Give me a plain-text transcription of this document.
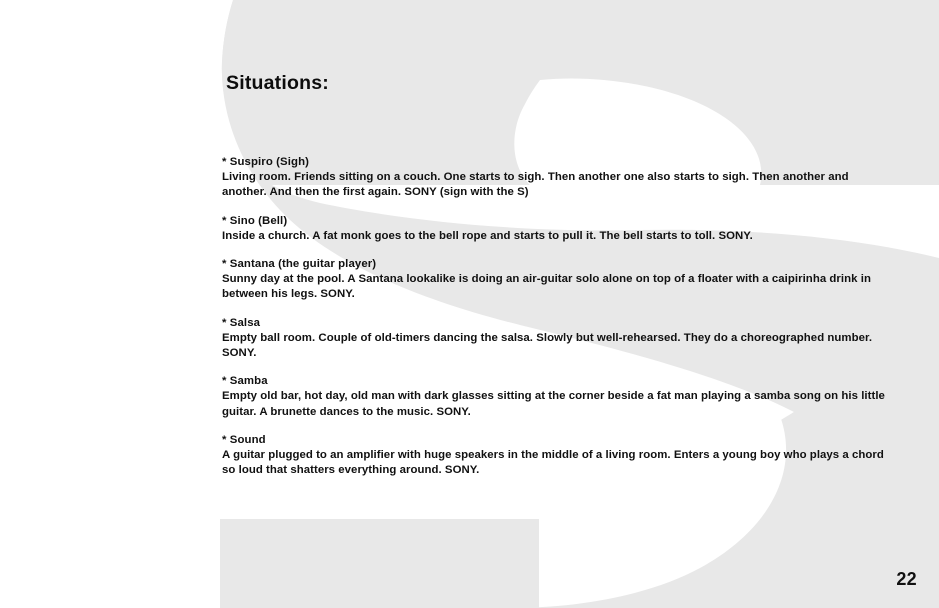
Situations:
* Suspiro (Sigh)
Living room. Friends sitting on a couch. One starts to sigh. Then another one also starts to sigh. Then another and another. And then the first again. SONY (sign with the S)
* Sino (Bell)
Inside a church. A fat monk goes to the bell rope and starts to pull it. The bell starts to toll. SONY.
* Santana (the guitar player)
Sunny day at the pool. A Santana lookalike is doing an air-guitar solo alone on top of a floater with a caipirinha drink in between his legs. SONY.
* Salsa
Empty ball room. Couple of old-timers dancing the salsa. Slowly but well-rehearsed. They do a choreographed number. SONY.
* Samba
Empty old bar, hot day, old man with dark glasses sitting at the corner beside a fat man playing a samba song on his little guitar. A brunette dances to the music. SONY.
* Sound
A guitar plugged to an amplifier with huge speakers in the middle of a living room. Enters a young boy who plays a chord so loud that shatters everything around. SONY.
22
